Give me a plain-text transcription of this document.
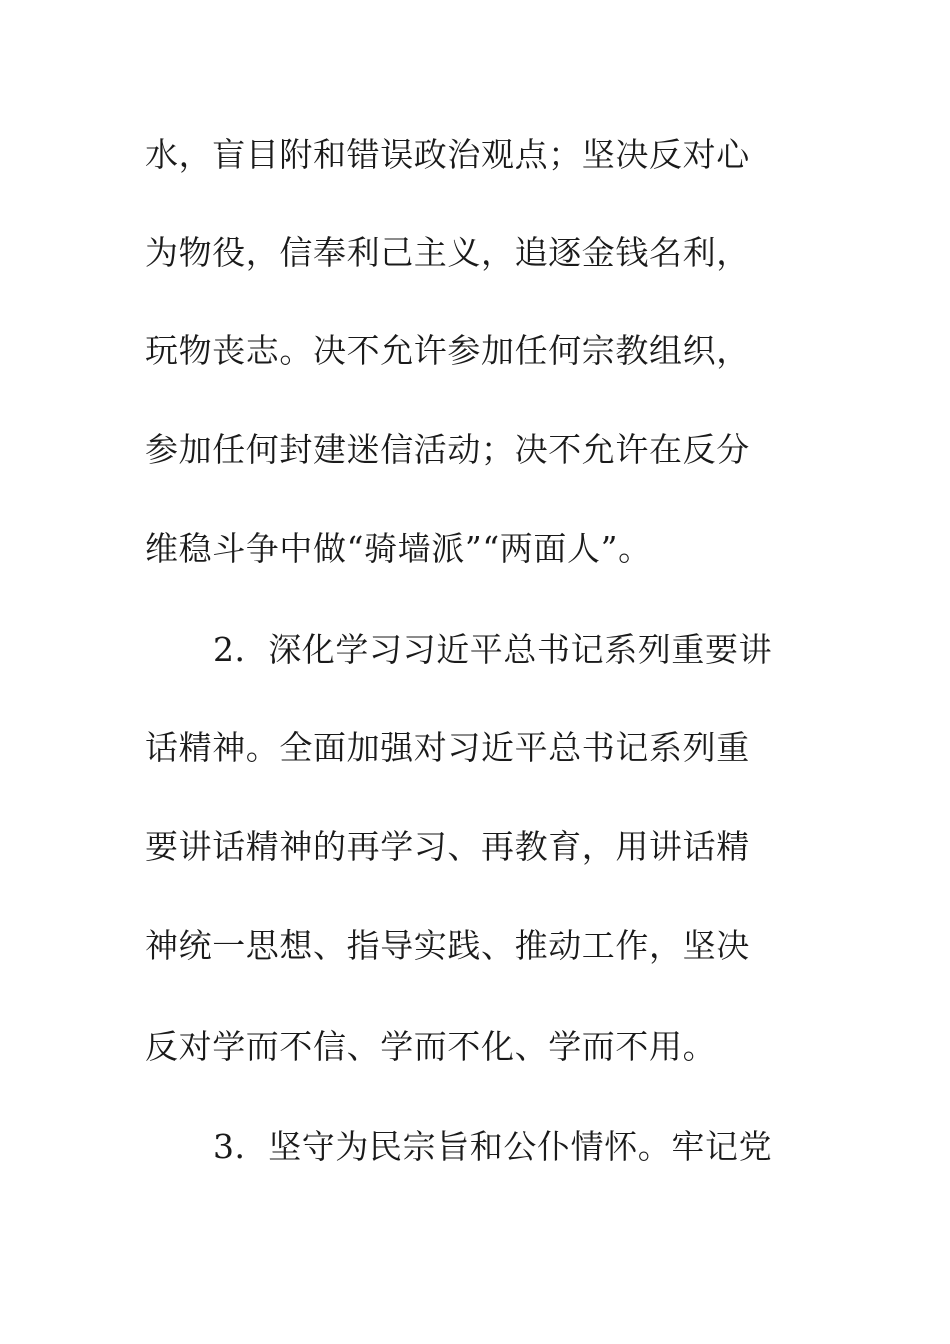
水，盲目附和错误政治观点；坚决反对心
为物役，信奉利己主义，追逐金钱名利，
玩物丧志。决不允许参加任何宗教组织，
参加任何封建迷信活动；决不允许在反分
维稳斗争中做“骑墙派”“两面人”。
2．深化学习习近平总书记系列重要讲
话精神。全面加强对习近平总书记系列重
要讲话精神的再学习、再教育，用讲话精
神统一思想、指导实践、推动工作，坚决
反对学而不信、学而不化、学而不用。
3．坚守为民宗旨和公仆情怀。牢记党
